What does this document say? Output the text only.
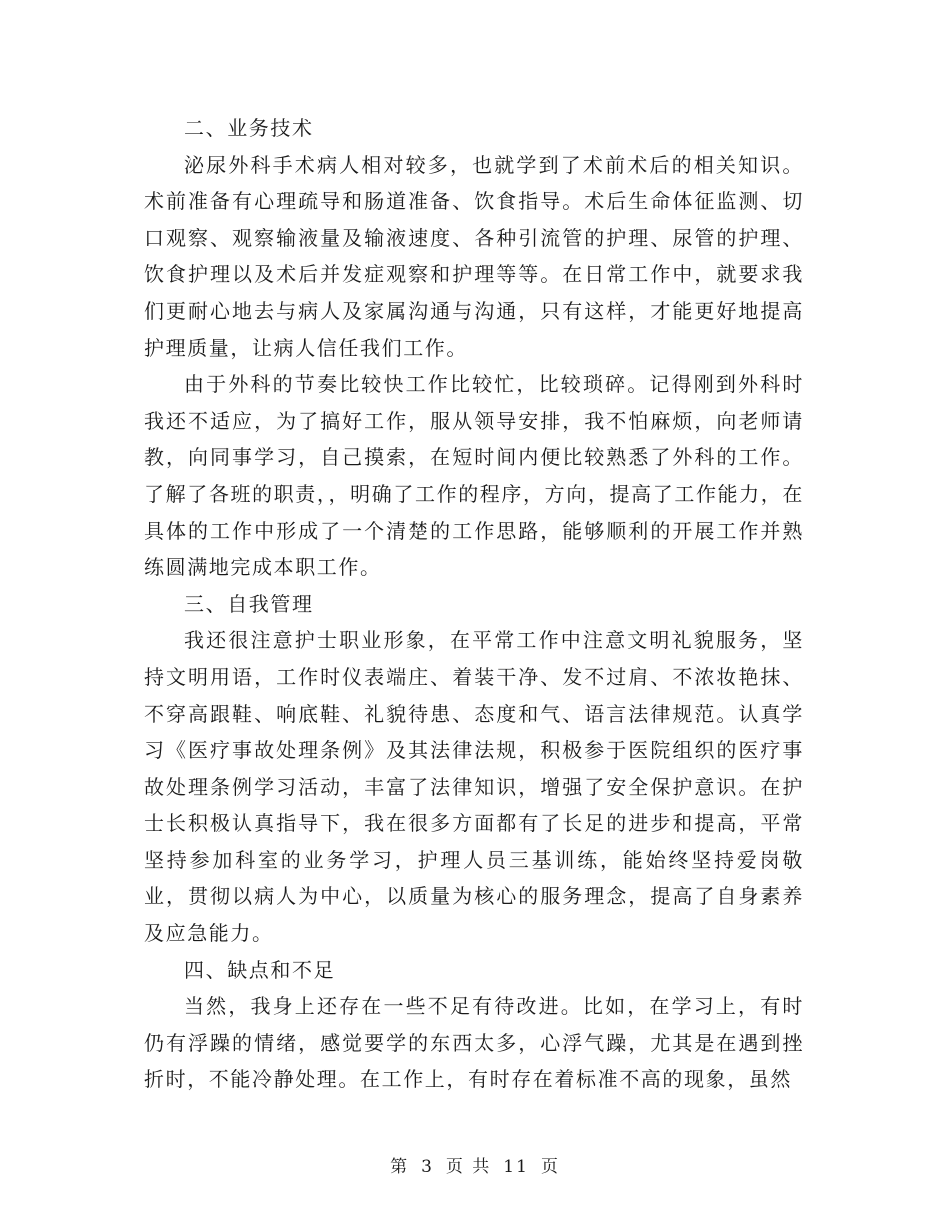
二、业务技术

泌尿外科手术病人相对较多，也就学到了术前术后的相关知识。术前准备有心理疏导和肠道准备、饮食指导。术后生命体征监测、切口观察、观察输液量及输液速度、各种引流管的护理、尿管的护理、饮食护理以及术后并发症观察和护理等等。在日常工作中，就要求我们更耐心地去与病人及家属沟通与沟通，只有这样，才能更好地提高护理质量，让病人信任我们工作。

由于外科的节奏比较快工作比较忙，比较琐碎。记得刚到外科时我还不适应，为了搞好工作，服从领导安排，我不怕麻烦，向老师请教，向同事学习，自己摸索，在短时间内便比较熟悉了外科的工作。了解了各班的职责，，明确了工作的程序，方向，提高了工作能力，在具体的工作中形成了一个清楚的工作思路，能够顺利的开展工作并熟练圆满地完成本职工作。

三、自我管理

我还很注意护士职业形象，在平常工作中注意文明礼貌服务，坚持文明用语，工作时仪表端庄、着装干净、发不过肩、不浓妆艳抹、不穿高跟鞋、响底鞋、礼貌待患、态度和气、语言法律规范。认真学习《医疗事故处理条例》及其法律法规，积极参于医院组织的医疗事故处理条例学习活动，丰富了法律知识，增强了安全保护意识。在护士长积极认真指导下，我在很多方面都有了长足的进步和提高，平常坚持参加科室的业务学习，护理人员三基训练，能始终坚持爱岗敬业，贯彻以病人为中心，以质量为核心的服务理念，提高了自身素养及应急能力。

四、缺点和不足

当然，我身上还存在一些不足有待改进。比如，在学习上，有时仍有浮躁的情绪，感觉要学的东西太多，心浮气躁，尤其是在遇到挫折时，不能冷静处理。在工作上，有时存在着标准不高的现象，虽然

第 3 页 共 11 页
